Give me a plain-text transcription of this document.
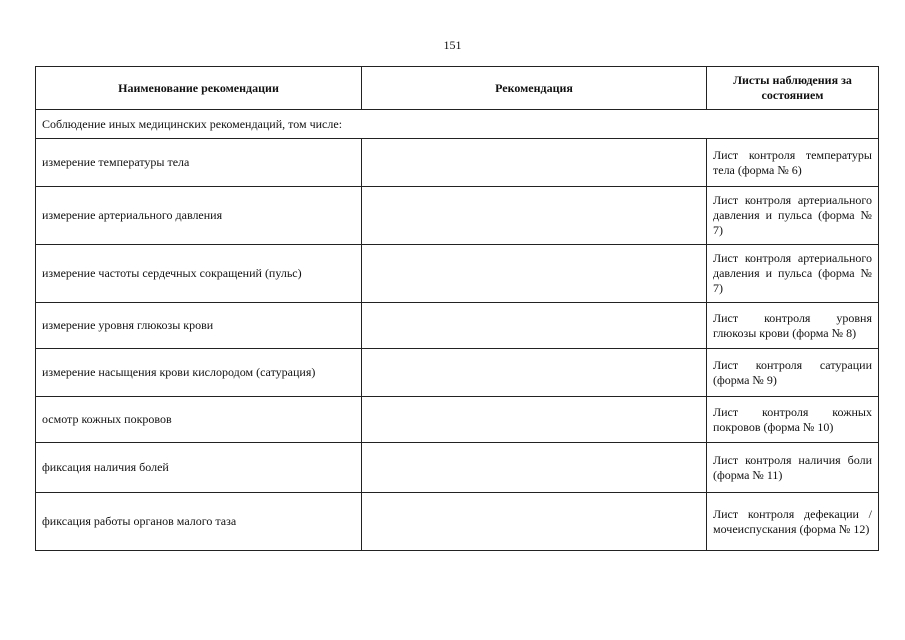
151
Наименование рекомендации	Рекомендация	Листы наблюдения за состоянием
Соблюдение иных медицинских рекомендаций, том числе:		
измерение температуры тела		Лист контроля температуры тела (форма № 6)
измерение артериального давления		Лист контроля артериального давления и пульса (форма № 7)
измерение частоты сердечных сокращений (пульс)		Лист контроля артериального давления и пульса (форма № 7)
измерение уровня глюкозы крови		Лист контроля уровня глюкозы крови (форма № 8)
измерение насыщения крови кислородом (сатурация)		Лист контроля сатурации (форма № 9)
осмотр кожных покровов		Лист контроля кожных покровов (форма № 10)
фиксация наличия болей		Лист контроля наличия боли (форма № 11)
фиксация работы органов малого таза		Лист контроля дефекации / мочеиспускания (форма № 12)
